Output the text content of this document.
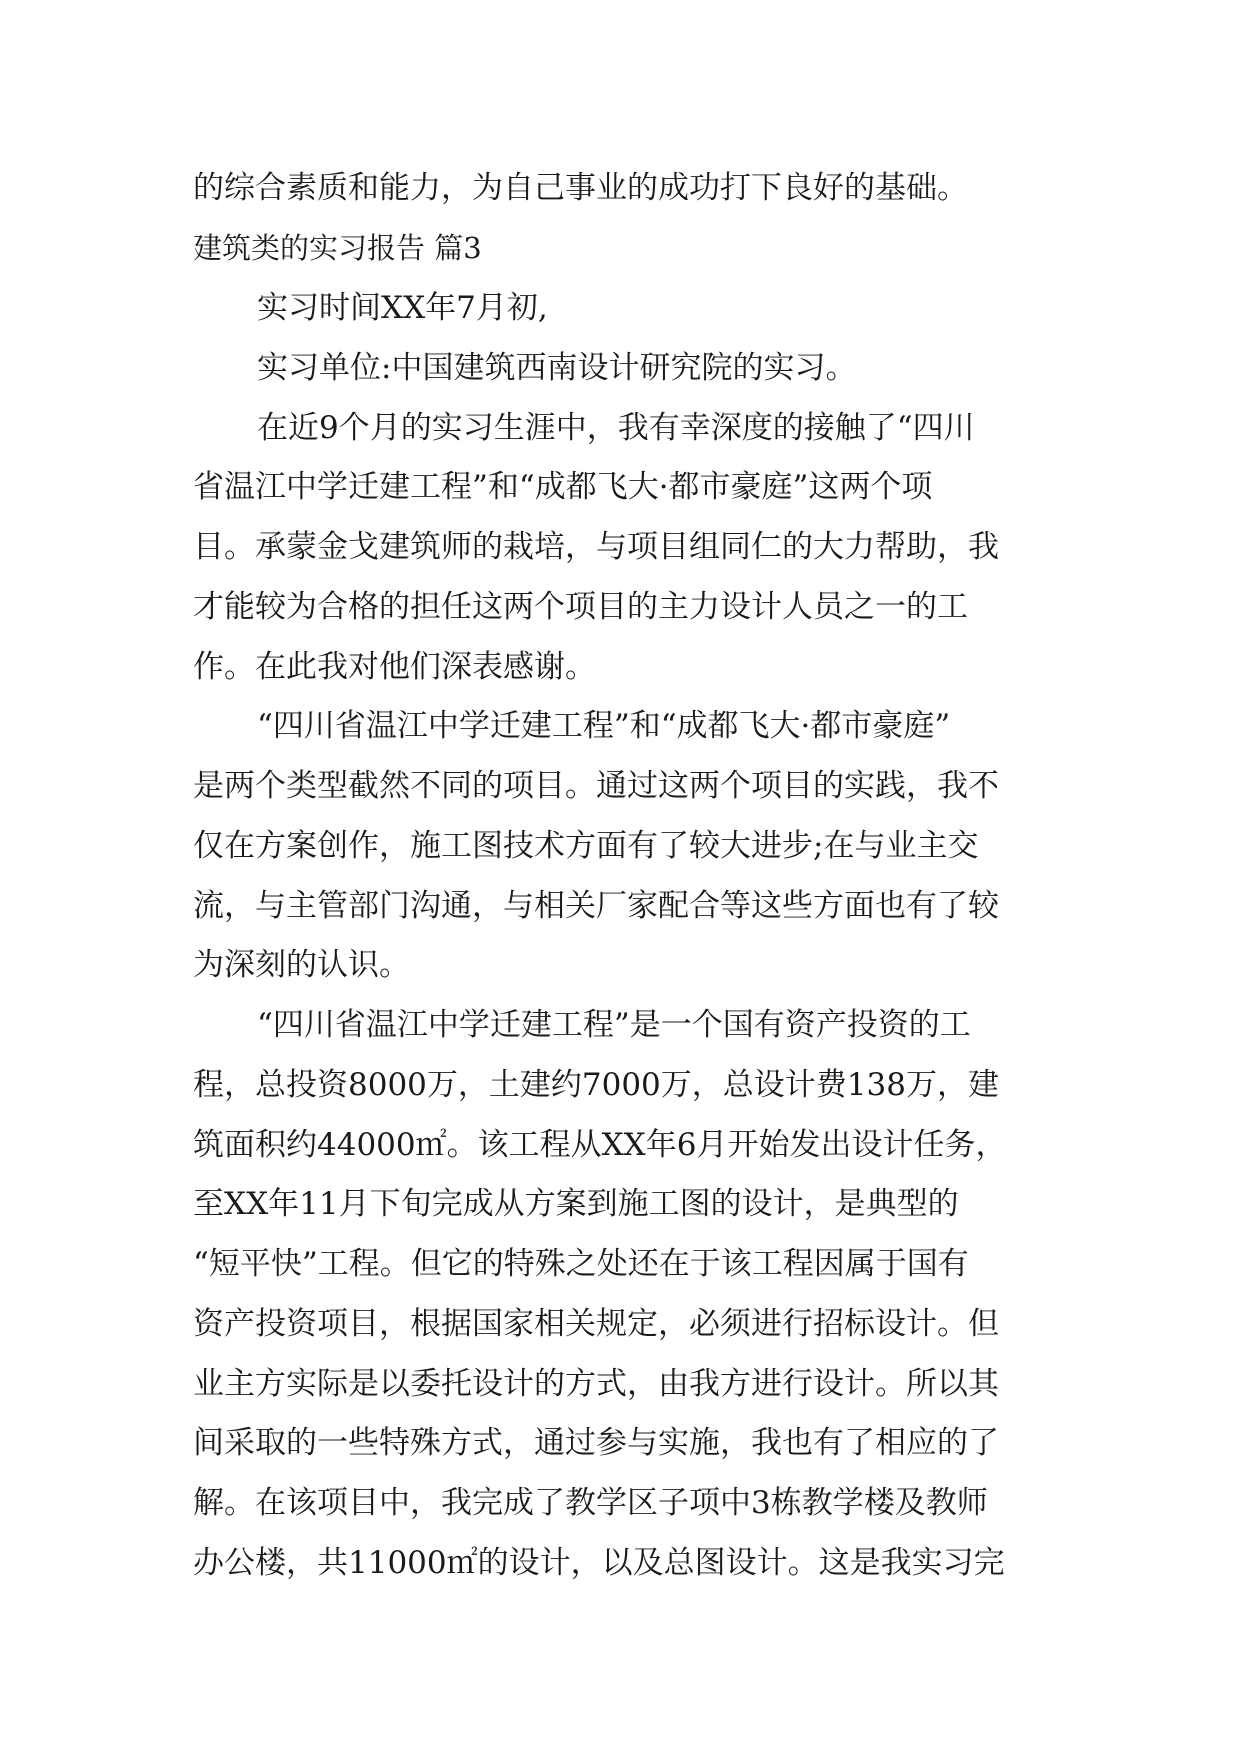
的综合素质和能力，为自己事业的成功打下良好的基础。
建筑类的实习报告 篇3
实习时间XX年7月初,
实习单位:中国建筑西南设计研究院的实习。
在近9个月的实习生涯中，我有幸深度的接触了“四川
省温江中学迁建工程”和“成都飞大·都市豪庭”这两个项
目。承蒙金戈建筑师的栽培，与项目组同仁的大力帮助，我
才能较为合格的担任这两个项目的主力设计人员之一的工
作。在此我对他们深表感谢。
“四川省温江中学迁建工程”和“成都飞大·都市豪庭”
是两个类型截然不同的项目。通过这两个项目的实践，我不
仅在方案创作，施工图技术方面有了较大进步;在与业主交
流，与主管部门沟通，与相关厂家配合等这些方面也有了较
为深刻的认识。
“四川省温江中学迁建工程”是一个国有资产投资的工
程，总投资8000万，土建约7000万，总设计费138万，建
筑面积约44000㎡。该工程从XX年6月开始发出设计任务，
至XX年11月下旬完成从方案到施工图的设计，是典型的
“短平快”工程。但它的特殊之处还在于该工程因属于国有
资产投资项目，根据国家相关规定，必须进行招标设计。但
业主方实际是以委托设计的方式，由我方进行设计。所以其
间采取的一些特殊方式，通过参与实施，我也有了相应的了
解。在该项目中，我完成了教学区子项中3栋教学楼及教师
办公楼，共11000㎡的设计，以及总图设计。这是我实习完
